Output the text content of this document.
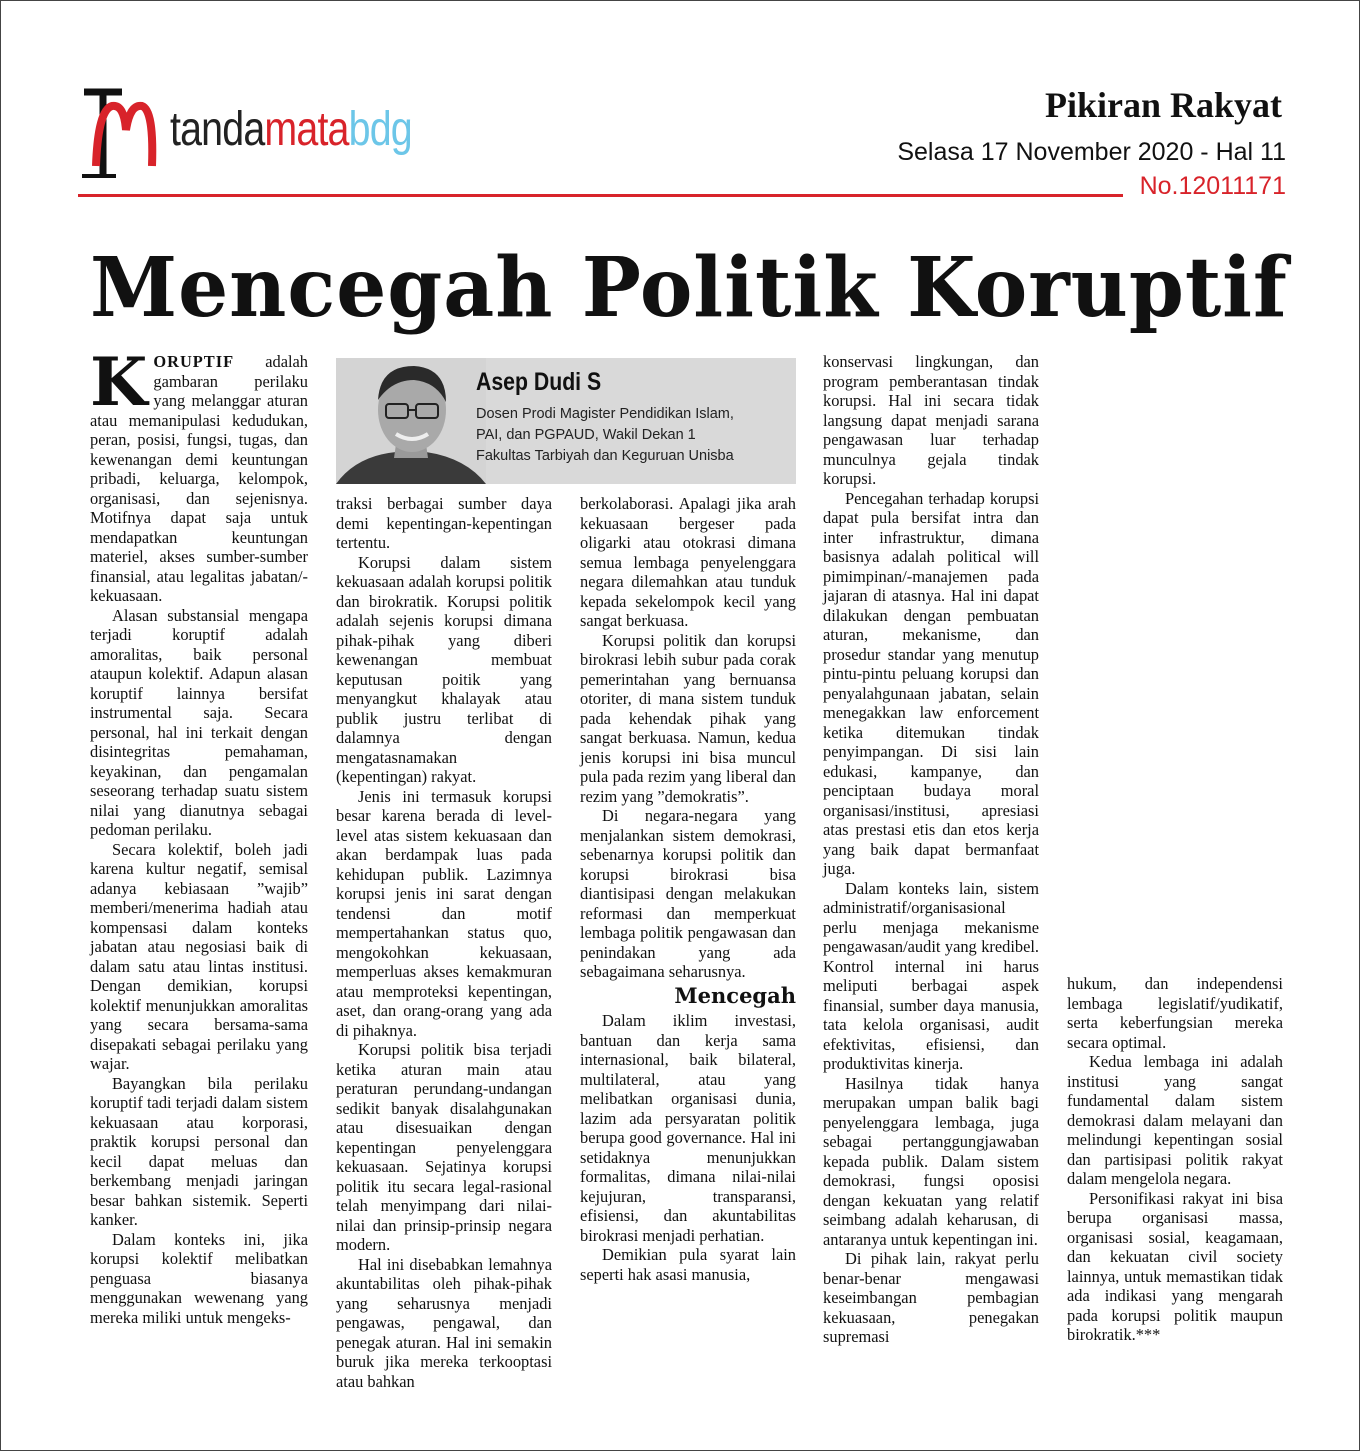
tandamatabdg	Pikiran Rakyat
Selasa 17 November 2020 - Hal 11
No.12011171
Mencegah Politik Koruptif
Asep Dudi S
Dosen Prodi Magister Pendidikan Islam,
PAI, dan PGPAUD, Wakil Dekan 1
Fakultas Tarbiyah dan Keguruan Unisba

KORUPTIF adalah gambaran perilaku yang melanggar aturan atau memanipulasi kedudukan, peran, posisi, fungsi, tugas, dan kewenangan demi keuntungan pribadi, keluarga, kelompok, organisasi, dan sejenisnya. Motifnya dapat saja untuk mendapatkan keuntungan materiel, akses sumber-sumber finansial, atau legalitas jabatan/-kekuasaan.

Alasan substansial mengapa terjadi koruptif adalah amoralitas, baik personal ataupun kolektif. Adapun alasan koruptif lainnya bersifat instrumental saja. Secara personal, hal ini terkait dengan disintegritas pemahaman, keyakinan, dan pengamalan seseorang terhadap suatu sistem nilai yang dianutnya sebagai pedoman perilaku.

Secara kolektif, boleh jadi karena kultur negatif, semisal adanya kebiasaan ”wajib” memberi/menerima hadiah atau kompensasi dalam konteks jabatan atau negosiasi baik di dalam satu atau lintas institusi. Dengan demikian, korupsi kolektif menunjukkan amoralitas yang secara bersama-sama disepakati sebagai perilaku yang wajar.

Bayangkan bila perilaku koruptif tadi terjadi dalam sistem kekuasaan atau korporasi, praktik korupsi personal dan kecil dapat meluas dan berkembang menjadi jaringan besar bahkan sistemik. Seperti kanker.

Dalam konteks ini, jika korupsi kolektif melibatkan penguasa biasanya menggunakan wewenang yang mereka miliki untuk mengeks-

traksi berbagai sumber daya demi kepentingan-kepentingan tertentu.

Korupsi dalam sistem kekuasaan adalah korupsi politik dan birokratik. Korupsi politik adalah sejenis korupsi dimana pihak-pihak yang diberi kewenangan membuat keputusan poitik yang menyangkut khalayak atau publik justru terlibat di dalamnya dengan mengatasnamakan (kepentingan) rakyat.

Jenis ini termasuk korupsi besar karena berada di level-level atas sistem kekuasaan dan akan berdampak luas pada kehidupan publik. Lazimnya korupsi jenis ini sarat dengan tendensi dan motif mempertahankan status quo, mengokohkan kekuasaan, memperluas akses kemakmuran atau memproteksi kepentingan, aset, dan orang-orang yang ada di pihaknya.

Korupsi politik bisa terjadi ketika aturan main atau peraturan perundang-undangan sedikit banyak disalahgunakan atau disesuaikan dengan kepentingan penyelenggara kekuasaan. Sejatinya korupsi politik itu secara legal-rasional telah menyimpang dari nilai-nilai dan prinsip-prinsip negara modern.

Hal ini disebabkan lemahnya akuntabilitas oleh pihak-pihak yang seharusnya menjadi pengawas, pengawal, dan penegak aturan. Hal ini semakin buruk jika mereka terkooptasi atau bahkan

berkolaborasi. Apalagi jika arah kekuasaan bergeser pada oligarki atau otokrasi dimana semua lembaga penyelenggara negara dilemahkan atau tunduk kepada sekelompok kecil yang sangat berkuasa.

Korupsi politik dan korupsi birokrasi lebih subur pada corak pemerintahan yang bernuansa otoriter, di mana sistem tunduk pada kehendak pihak yang sangat berkuasa. Namun, kedua jenis korupsi ini bisa muncul pula pada rezim yang liberal dan rezim yang ”demokratis”.

Di negara-negara yang menjalankan sistem demokrasi, sebenarnya korupsi politik dan korupsi birokrasi bisa diantisipasi dengan melakukan reformasi dan memperkuat lembaga politik pengawasan dan penindakan yang ada sebagaimana seharusnya.

Mencegah

Dalam iklim investasi, bantuan dan kerja sama internasional, baik bilateral, multilateral, atau yang melibatkan organisasi dunia, lazim ada persyaratan politik berupa good governance. Hal ini setidaknya menunjukkan formalitas, dimana nilai-nilai kejujuran, transparansi, efisiensi, dan akuntabilitas birokrasi menjadi perhatian.

Demikian pula syarat lain seperti hak asasi manusia,

konservasi lingkungan, dan program pemberantasan tindak korupsi. Hal ini secara tidak langsung dapat menjadi sarana pengawasan luar terhadap munculnya gejala tindak korupsi.

Pencegahan terhadap korupsi dapat pula bersifat intra dan inter infrastruktur, dimana basisnya adalah political will pimimpinan/-manajemen pada jajaran di atasnya. Hal ini dapat dilakukan dengan pembuatan aturan, mekanisme, dan prosedur standar yang menutup pintu-pintu peluang korupsi dan penyalahgunaan jabatan, selain menegakkan law enforcement ketika ditemukan tindak penyimpangan. Di sisi lain edukasi, kampanye, dan penciptaan budaya moral organisasi/institusi, apresiasi atas prestasi etis dan etos kerja yang baik dapat bermanfaat juga.

Dalam konteks lain, sistem administratif/organisasional perlu menjaga mekanisme pengawasan/audit yang kredibel. Kontrol internal ini harus meliputi berbagai aspek finansial, sumber daya manusia, tata kelola organisasi, audit efektivitas, efisiensi, dan produktivitas kinerja.

Hasilnya tidak hanya merupakan umpan balik bagi penyelenggara lembaga, juga sebagai pertanggungjawaban kepada publik. Dalam sistem demokrasi, fungsi oposisi dengan kekuatan yang relatif seimbang adalah keharusan, di antaranya untuk kepentingan ini.

Di pihak lain, rakyat perlu benar-benar mengawasi keseimbangan pembagian kekuasaan, penegakan supremasi

hukum, dan independensi lembaga legislatif/yudikatif, serta keberfungsian mereka secara optimal.

Kedua lembaga ini adalah institusi yang sangat fundamental dalam sistem demokrasi dalam melayani dan melindungi kepentingan sosial dan partisipasi politik rakyat dalam mengelola negara.

Personifikasi rakyat ini bisa berupa organisasi massa, organisasi sosial, keagamaan, dan kekuatan civil society lainnya, untuk memastikan tidak ada indikasi yang mengarah pada korupsi politik maupun birokratik.***
